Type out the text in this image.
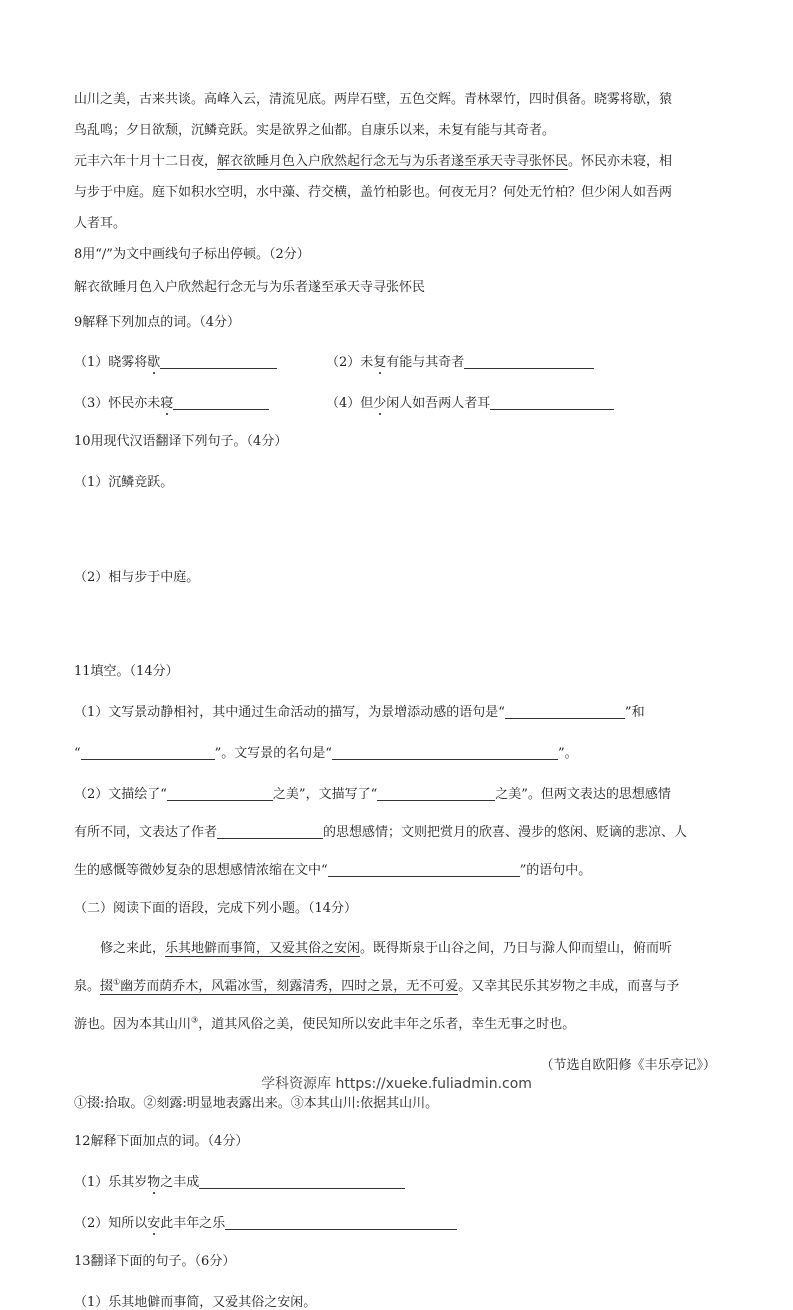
山川之美，古来共谈。高峰入云，清流见底。两岸石壁，五色交辉。青林翠竹，四时俱备。晓雾将歇，猿

鸟乱鸣；夕日欲颓，沉鳞竞跃。实是欲界之仙都。自康乐以来，未复有能与其奇者。

元丰六年十月十二日夜，解衣欲睡月色入户欣然起行念无与为乐者遂至承天寺寻张怀民。怀民亦未寝，相

与步于中庭。庭下如积水空明，水中藻、荇交横，盖竹柏影也。何夜无月？何处无竹柏？但少闲人如吾两

人者耳。

8用“/”为文中画线句子标出停顿。（2分）

解衣欲睡月色入户欣然起行念无与为乐者遂至承天寺寻张怀民

9解释下列加点的词。（4分）

（1）晓雾将歇	（2）未复有能与其奇者

（3）怀民亦未寝	（4）但少闲人如吾两人者耳

10用现代汉语翻译下列句子。（4分）

（1）沉鳞竞跃。

（2）相与步于中庭。

11填空。（14分）

（1）文写景动静相衬，其中通过生命活动的描写，为景增添动感的语句是“	”和

“	”。文写景的名句是“	”。

（2）文描绘了“	之美”，文描写了“	之美”。但两文表达的思想感情

有所不同，文表达了作者	的思想感情；文则把赏月的欣喜、漫步的悠闲、贬谪的悲凉、人

生的感慨等微妙复杂的思想感情浓缩在文中“	”的语句中。

（二）阅读下面的语段，完成下列小题。（14分）

修之来此，乐其地僻而事简，又爱其俗之安闲。既得斯泉于山谷之间，乃日与滁人仰而望山，俯而听

泉。掇①幽芳而荫乔木，风霜冰雪，刻露清秀，四时之景，无不可爱。又幸其民乐其岁物之丰成，而喜与予

游也。因为本其山川③，道其风俗之美，使民知所以安此丰年之乐者，幸生无事之时也。

（节选自欧阳修《丰乐亭记》）

①掇:拾取。②刻露:明显地表露出来。③本其山川:依据其山川。

12解释下面加点的词。（4分）

（1）乐其岁物之丰成

（2）知所以安此丰年之乐

13翻译下面的句子。（6分）

（1）乐其地僻而事简，又爱其俗之安闲。

学科资源库 https://xueke.fuliadmin.com
